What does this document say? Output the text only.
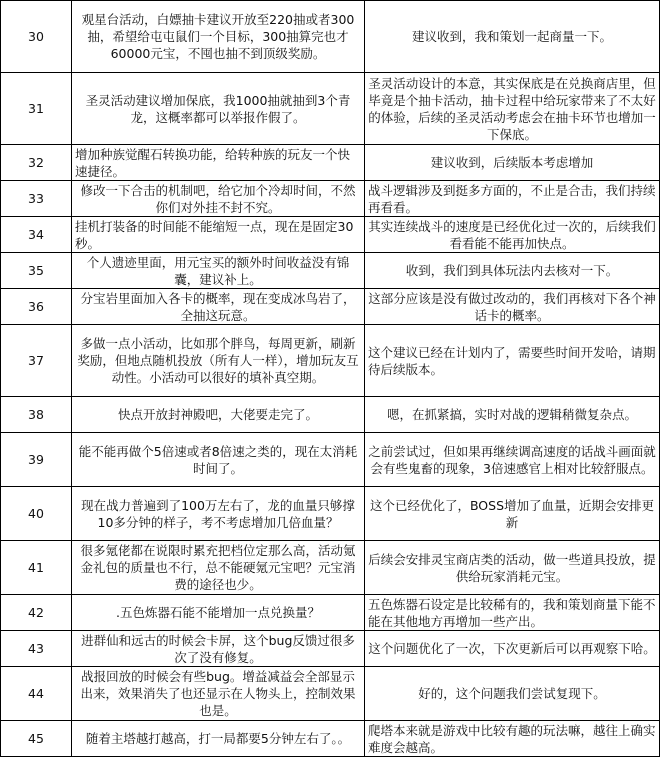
30	观星台活动，白嫖抽卡建议开放至220抽或者300抽，希望给屯屯鼠们一个目标，300抽算完也才60000元宝，不囤也抽不到顶级奖励。	建议收到，我和策划一起商量一下。
31	圣灵活动建议增加保底，我1000抽就抽到3个青龙，这概率都可以举报作假了。	圣灵活动设计的本意，其实保底是在兑换商店里，但毕竟是个抽卡活动，抽卡过程中给玩家带来了不太好的体验，后续的圣灵活动考虑会在抽卡环节也增加一下保底。
32	增加种族觉醒石转换功能，给转种族的玩友一个快速捷径。	建议收到，后续版本考虑增加
33	修改一下合击的机制吧，给它加个冷却时间，不然你们对外挂不封不究。	战斗逻辑涉及到挺多方面的，不止是合击，我们持续再看看。
34	挂机打装备的时间能不能缩短一点，现在是固定30秒。	其实连续战斗的速度是已经优化过一次的，后续我们看看能不能再加快点。
35	个人遗迹里面，用元宝买的额外时间收益没有锦囊，建议补上。	收到，我们到具体玩法内去核对一下。
36	分宝岩里面加入各卡的概率，现在变成冰鸟岩了，全抽这玩意。	这部分应该是没有做过改动的，我们再核对下各个神话卡的概率。
37	多做一点小活动，比如那个胖鸟，每周更新，刷新奖励，但地点随机投放（所有人一样），增加玩友互动性。小活动可以很好的填补真空期。	这个建议已经在计划内了，需要些时间开发哈，请期待后续版本。
38	快点开放封神殿吧，大佬要走完了。	嗯，在抓紧搞，实时对战的逻辑稍微复杂点。
39	能不能再做个5倍速或者8倍速之类的，现在太消耗时间了。	之前尝试过，但如果再继续调高速度的话战斗画面就会有些鬼畜的现象，3倍速感官上相对比较舒服点。
40	现在战力普遍到了100万左右了，龙的血量只够撑10多分钟的样子，考不考虑增加几倍血量？	这个已经优化了，BOSS增加了血量，近期会安排更新
41	很多氪佬都在说限时累充把档位定那么高，活动氪金礼包的质量也不行，总不能硬氪元宝吧？元宝消费的途径也少。	后续会安排灵宝商店类的活动，做一些道具投放，提供给玩家消耗元宝。
42	.五色炼器石能不能增加一点兑换量？	五色炼器石设定是比较稀有的，我和策划商量下能不能在其他地方再增加一些产出。
43	进群仙和远古的时候会卡屏，这个bug反馈过很多次了没有修复。	这个问题优化了一次，下次更新后可以再观察下哈。
44	战报回放的时候会有些bug。增益减益会全部显示出来，效果消失了也还显示在人物头上，控制效果也是。	好的，这个问题我们尝试复现下。
45	随着主塔越打越高，打一局都要5分钟左右了。。	爬塔本来就是游戏中比较有趣的玩法嘛，越往上确实难度会越高。
